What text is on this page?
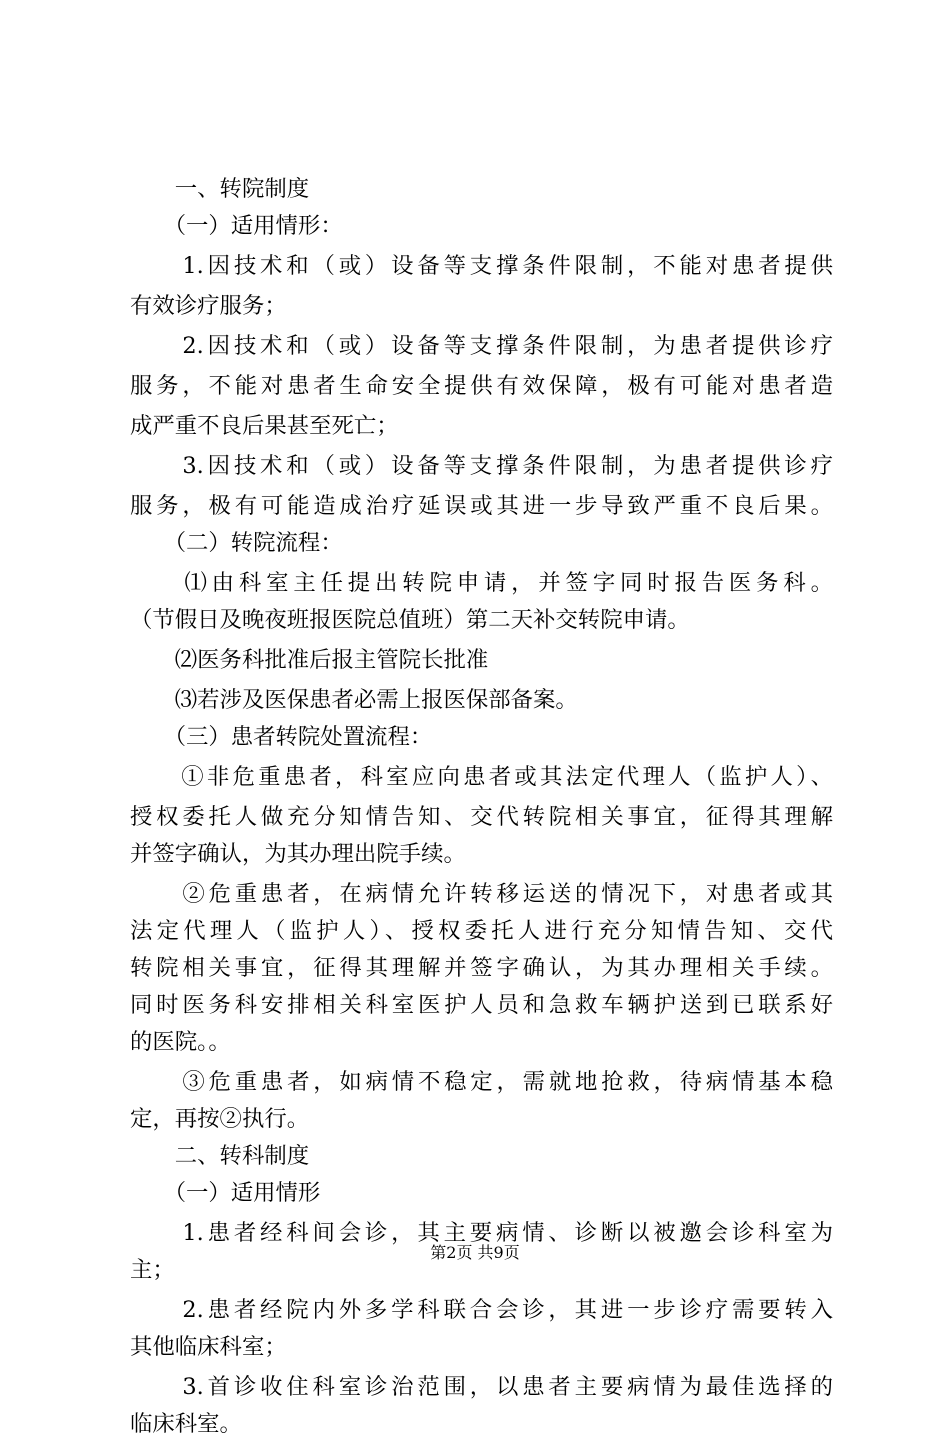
　　一、转院制度
　　（一）适用情形：
　　1.因技术和（或）设备等支撑条件限制，不能对患者提供
有效诊疗服务；
　　2.因技术和（或）设备等支撑条件限制，为患者提供诊疗
服务，不能对患者生命安全提供有效保障，极有可能对患者造
成严重不良后果甚至死亡；
　　3.因技术和（或）设备等支撑条件限制，为患者提供诊疗
服务，极有可能造成治疗延误或其进一步导致严重不良后果。
　　（二）转院流程：
　　⑴由科室主任提出转院申请，并签字同时报告医务科。
（节假日及晚夜班报医院总值班）第二天补交转院申请。
　　⑵医务科批准后报主管院长批准
　　⑶若涉及医保患者必需上报医保部备案。
　　（三）患者转院处置流程：
　　①非危重患者，科室应向患者或其法定代理人（监护人）、
授权委托人做充分知情告知、交代转院相关事宜，征得其理解
并签字确认，为其办理出院手续。
　　②危重患者，在病情允许转移运送的情况下，对患者或其
法定代理人（监护人）、授权委托人进行充分知情告知、交代
转院相关事宜，征得其理解并签字确认，为其办理相关手续。
同时医务科安排相关科室医护人员和急救车辆护送到已联系好
的医院。。
　　③危重患者，如病情不稳定，需就地抢救，待病情基本稳
定，再按②执行。
　　二、转科制度
　　（一）适用情形
　　1.患者经科间会诊，其主要病情、诊断以被邀会诊科室为
主；
　　2.患者经院内外多学科联合会诊，其进一步诊疗需要转入
其他临床科室；
　　3.首诊收住科室诊治范围，以患者主要病情为最佳选择的
临床科室。
第2页 共9页
